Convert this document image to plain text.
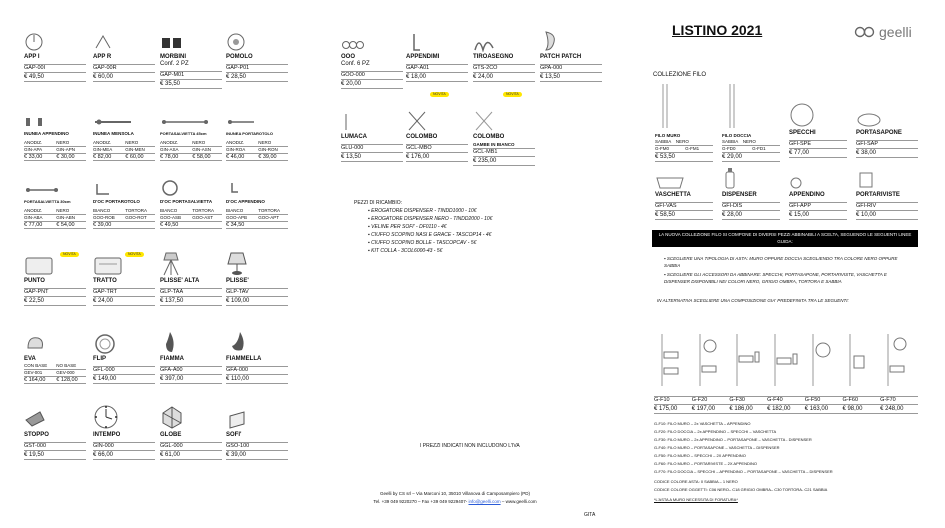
LISTINO 2021	geelli
APP I
GAP-00I
€ 49,50
APP R
GAP-00R
€ 60,00
MORBINI
Conf. 2 PZ
GAP-M01
€ 35,50
POMOLO
GAP-P01
€ 28,50
INUNEA APPENDINO
ANODIZ.	NERO
GIN-APA	GIN-APN
€ 33,00	€ 30,00
INUNEA MENSOLA
ANODIZ.	NERO
GIN-MEA	GIN-MEN
€ 82,00	€ 60,00
PORTASALVIETTA 45cm
ANODIZ.	NERO
GIN-ASA	GIN-ASN
€ 78,00	€ 58,00
INUNEA PORTAROTOLO
ANODIZ.	NERO
GIN-ROA	GIN-RON
€ 46,00	€ 39,00
PORTASALVIETTA 30cm
ANODIZ.	NERO
GIN-ABA	GIN-ABN
€ 77,00	€ 54,00
D'OC PORTAROTOLO
BIANCO	TORTORA
GOO-ROB	GOO-ROT
€ 39,00
D'OC PORTASALVIETTA
BIANCO	TORTORA
GOO-ASB	GOO-AST
€ 49,50
D'OC APPENDINO
BIANCO	TORTORA
GOO-APB	GOO-APT
€ 34,50
NOVITA
PUNTO
GAP-PNT
€ 22,50
NOVITA
TRATTO
GAP-TRT
€ 24,00
PLISSE' ALTA
GLP-TAA
€ 137,50
PLISSE'
GLP-TAV
€ 109,00
EVA
CON BASE	NO BASE
GEV-001	GEV-000
€ 164,00	€ 128,00
FLIP
GFL-000
€ 149,00
FIAMMA
GFA-A00
€ 397,00
FIAMMELLA
GFA-000
€ 110,00
STOPPO
GST-000
€ 19,50
INTEMPO
GIN-000
€ 66,00
GLOBE
GGL-000
€ 61,00
SOFI'
GSO-100
€ 39,00
OOO
Conf. 6 PZ
GOO-000
€ 20,00
APPENDIMI
GAP-A01
€ 18,00
NOVITA
TIROASEGNO
GTS-2CO
€ 24,00
NOVITA
PATCH PATCH
GPA-000
€ 13,50
LUMACA
GLU-000
€ 13,50
COLOMBO
GCL-MBO
€ 176,00
COLOMBO
GAMBE IN BIANCO
GCL-MB1
€ 235,00
PEZZI DI RICAMBIO:
▪ EROGATORE DISPENSER - TINDD1000 - 10€
▪ EROGATORE DISPENSER NERO - TINDD2000 - 10€
▪ VELINE PER SOFI' - DF0110 - 4€
▪ CIUFFO SCOPINO NASI E GRACE - TASCOP14 - 4€
▪ CIUFFO SCOPINO BOLLE - TASCOPCAV - 5€
▪ KIT COLLA - 3COL6000-43 - 5€
I PREZZI INDICATI NON INCLUDONO L'IVA
Geelli by CS srl – Via Marconi 10, 35010 Villanova di Camposampiero (PD)
Tel. +39 049 9220270 – Fax +39 049 9229407- info@geelli.com – www.geelli.com
GITA
COLLEZIONE FILO
FILO MURO
SABBIA	NERO
G-FM0	G-FM1
€ 53,50
FILO DOCCIA
SABBIA	NERO
G-FD0	G-FD1
€ 29,00
SPECCHI
GFI-SPE
€ 77,00
PORTASAPONE
GFI-SAP
€ 38,00
VASCHETTA
GFI-VAS
€ 58,50
DISPENSER
GFI-DIS
€ 28,00
APPENDINO
GFI-APP
€ 15,00
PORTARIVISTE
GFI-RIV
€ 10,00
LA NUOVA COLLEZIONE FILO SI COMPONE DI DIVERSI PEZZI ABBINABILI A SCELTA, SEGUENDO LE SEGUENTI LINEE GUIDA:
▪ SCEGLIERE UNA TIPOLOGIA DI ASTA: MURO OPPURE DOCCIA SCEGLIENDO TRA COLORE NERO OPPURE SABBIA
▪ SCEGLIERE GLI ACCESSORI DA ABBINARE: SPECCHI, PORTASAPONE, PORTARIVISTE, VASCHETTA E DISPENSER DISPONIBILI NEI COLORI NERO, GRIGIO OMBRA, TORTORA E SABBIA
IN ALTERNATIVA SCEGLIERE UNA COMPOSIZIONE GIA' PREDEFINITA TRA LE SEGUENTI:
G-F10
€ 175,00
G-F20
€ 197,00
G-F30
€ 186,00
G-F40
€ 182,00
G-F50
€ 163,00
G-F60
€ 98,00
G-F70
€ 248,00
G-F10: FILO MURO – 2x VASCHETTA – APPENDINO
G-F20: FILO DOCCIA – 2x APPENDINO – SPECCHI – VASCHETTA
G-F30: FILO MURO – 2x APPENDINO – PORTASAPONE – VASCHETTA - DISPENSER
G-F40: FILO MURO – PORTASAPONE – VASCHETTA – DISPENSER
G-F50: FILO MURO – SPECCHI – 2X APPENDINO
G-F60: FILO MURO – PORTARIVISTE – 2X APPENDINO
G-F70: FILO DOCCIA – SPECCHI – APPENDINO – PORTASAPONE – VASCHETTA – DISPENSER
CODICE COLORE ASTA: 0 SABBIA – 1 NERO
CODICE COLORE OGGETTI: C06 NERO– C18 GRIGIO OMBRA– C30 TORTORA- C21 SABBIA
*L'ASTA A MURO NECESSITA DI FORATURA*
